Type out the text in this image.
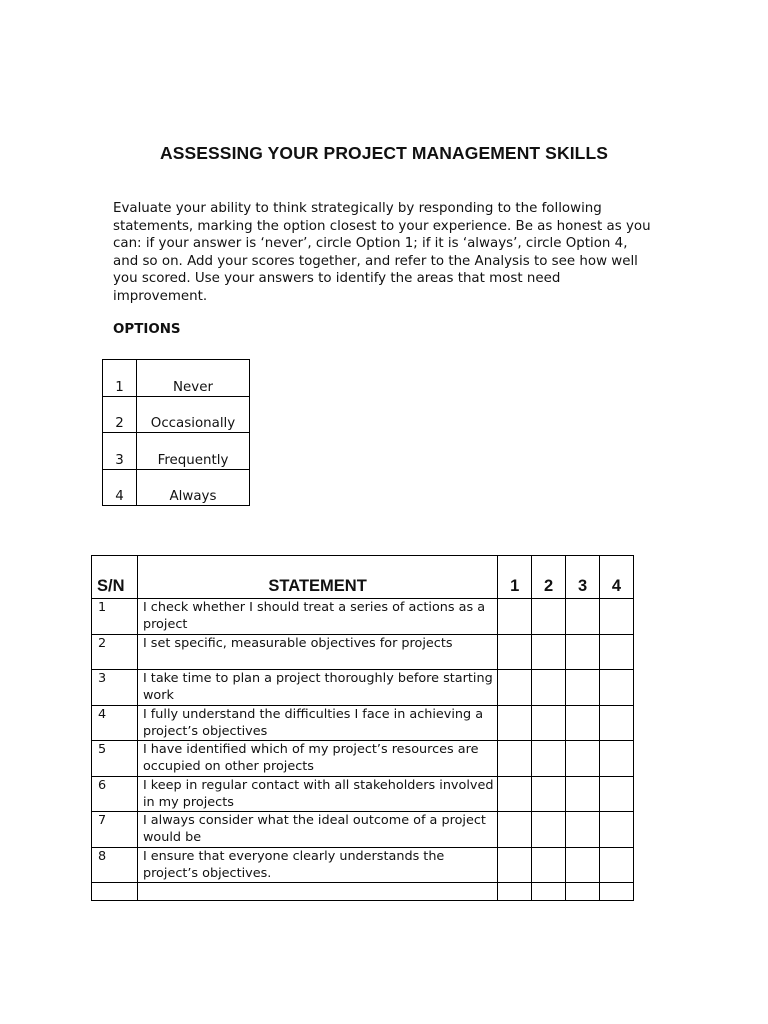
ASSESSING YOUR PROJECT MANAGEMENT SKILLS
Evaluate your ability to think strategically by responding to the following
statements, marking the option closest to your experience. Be as honest as you
can: if your answer is ‘never’, circle Option 1; if it is ‘always’, circle Option 4,
and so on. Add your scores together, and refer to the Analysis to see how well
you scored. Use your answers to identify the areas that most need
improvement.
OPTIONS
1	Never
2	Occasionally
3	Frequently
4	Always
S/N	STATEMENT	1	2	3	4
1	I check whether I should treat a series of actions as a project				
2	I set specific, measurable objectives for projects				
3	I take time to plan a project thoroughly before starting work				
4	I fully understand the difficulties I face in achieving a project’s objectives				
5	I have identified which of my project’s resources are occupied on other projects				
6	I keep in regular contact with all stakeholders involved in my projects				
7	I always consider what the ideal outcome of a project would be				
8	I ensure that everyone clearly understands the project’s objectives.				
